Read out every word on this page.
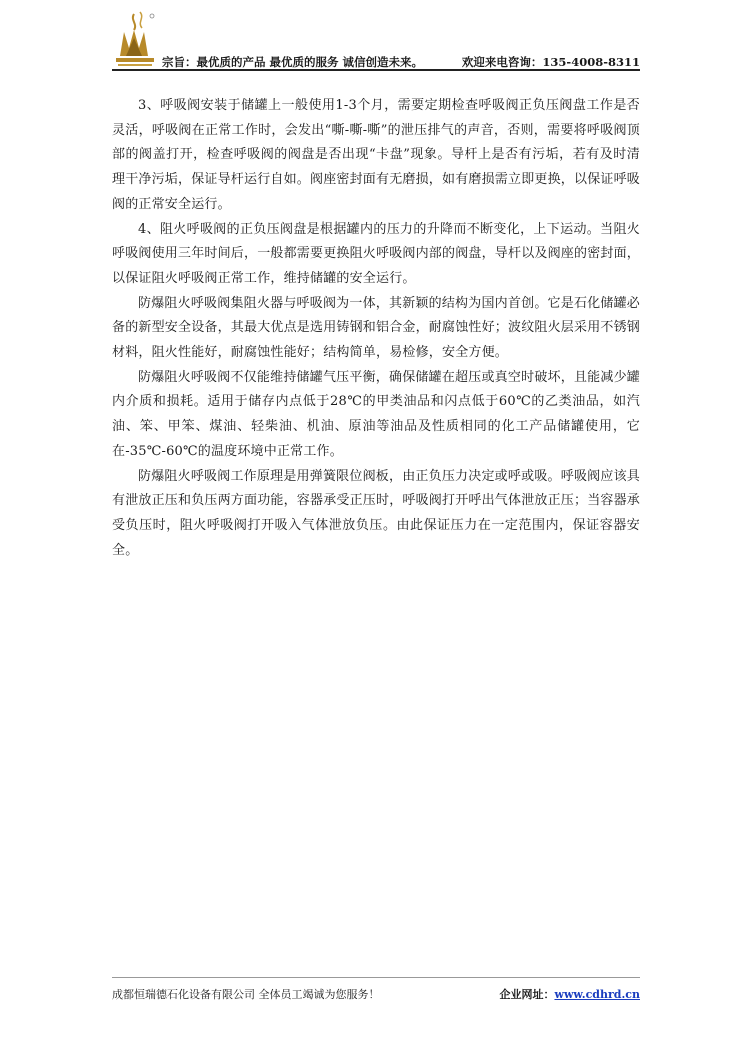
宗旨：最优质的产品 最优质的服务 诚信创造未来。	欢迎来电咨询：135-4008-8311

3、呼吸阀安装于储罐上一般使用1-3个月，需要定期检查呼吸阀正负压阀盘工作是否灵活，呼吸阀在正常工作时，会发出“嘶-嘶-嘶”的泄压排气的声音，否则，需要将呼吸阀顶部的阀盖打开，检查呼吸阀的阀盘是否出现“卡盘”现象。导杆上是否有污垢，若有及时清理干净污垢，保证导杆运行自如。阀座密封面有无磨损，如有磨损需立即更换，以保证呼吸阀的正常安全运行。

4、阻火呼吸阀的正负压阀盘是根据罐内的压力的升降而不断变化，上下运动。当阻火呼吸阀使用三年时间后，一般都需要更换阻火呼吸阀内部的阀盘，导杆以及阀座的密封面，以保证阻火呼吸阀正常工作，维持储罐的安全运行。

防爆阻火呼吸阀集阻火器与呼吸阀为一体，其新颖的结构为国内首创。它是石化储罐必备的新型安全设备，其最大优点是选用铸钢和铝合金，耐腐蚀性好；波纹阻火层采用不锈钢材料，阻火性能好，耐腐蚀性能好；结构简单，易检修，安全方便。

防爆阻火呼吸阀不仅能维持储罐气压平衡，确保储罐在超压或真空时破坏，且能减少罐内介质和损耗。适用于储存内点低于28℃的甲类油品和闪点低于60℃的乙类油品，如汽油、笨、甲笨、煤油、轻柴油、机油、原油等油品及性质相同的化工产品储罐使用，它在-35℃-60℃的温度环境中正常工作。

防爆阻火呼吸阀工作原理是用弹簧限位阀板，由正负压力决定或呼或吸。呼吸阀应该具有泄放正压和负压两方面功能，容器承受正压时，呼吸阀打开呼出气体泄放正压；当容器承受负压时，阻火呼吸阀打开吸入气体泄放负压。由此保证压力在一定范围内，保证容器安全。

成都恒瑞德石化设备有限公司 全体员工竭诚为您服务！	企业网址：www.cdhrd.cn
